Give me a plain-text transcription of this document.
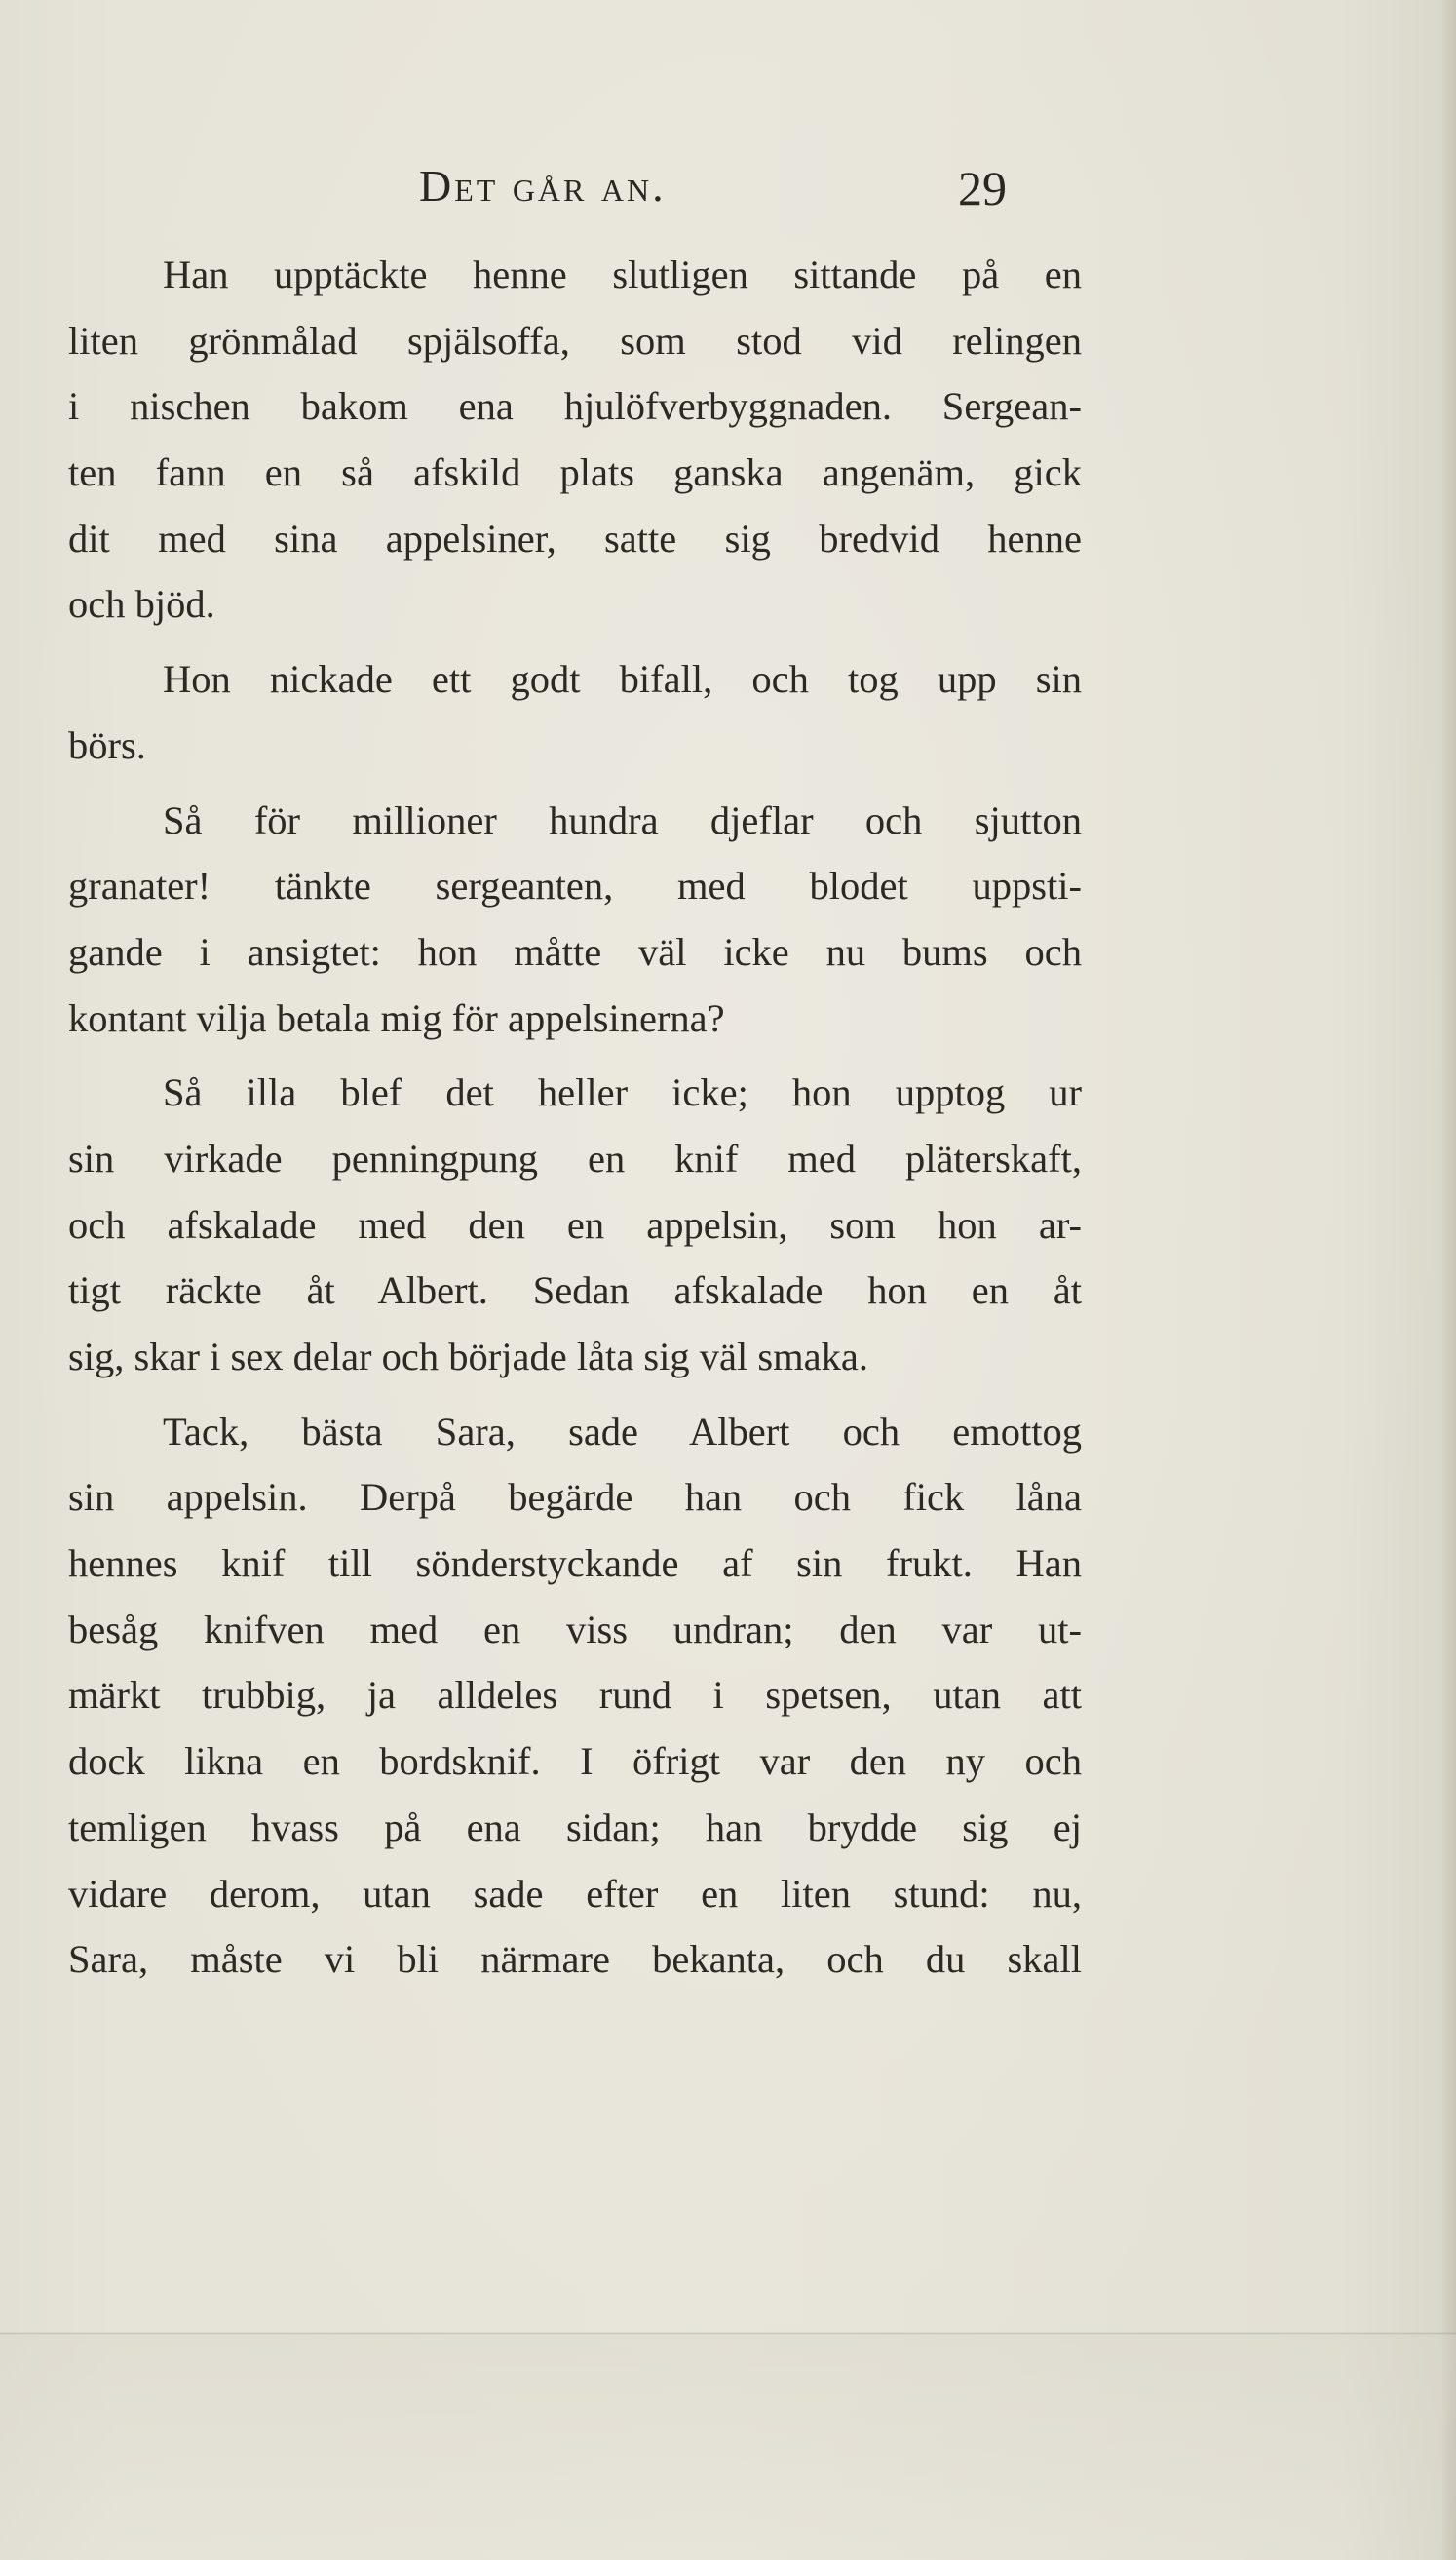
Det går an.	29
Han upptäckte henne slutligen sittande på en
liten grönmålad spjälsoffa, som stod vid relingen
i nischen bakom ena hjulöfverbyggnaden. Sergean-
ten fann en så afskild plats ganska angenäm, gick
dit med sina appelsiner, satte sig bredvid henne
och bjöd.
Hon nickade ett godt bifall, och tog upp sin
börs.
Så för millioner hundra djeflar och sjutton
granater! tänkte sergeanten, med blodet uppsti-
gande i ansigtet: hon måtte väl icke nu bums och
kontant vilja betala mig för appelsinerna?
Så illa blef det heller icke; hon upptog ur
sin virkade penningpung en knif med pläterskaft,
och afskalade med den en appelsin, som hon ar-
tigt räckte åt Albert. Sedan afskalade hon en åt
sig, skar i sex delar och började låta sig väl smaka.
Tack, bästa Sara, sade Albert och emottog
sin appelsin. Derpå begärde han och fick låna
hennes knif till sönderstyckande af sin frukt. Han
besåg knifven med en viss undran; den var ut-
märkt trubbig, ja alldeles rund i spetsen, utan att
dock likna en bordsknif. I öfrigt var den ny och
temligen hvass på ena sidan; han brydde sig ej
vidare derom, utan sade efter en liten stund: nu,
Sara, måste vi bli närmare bekanta, och du skall
